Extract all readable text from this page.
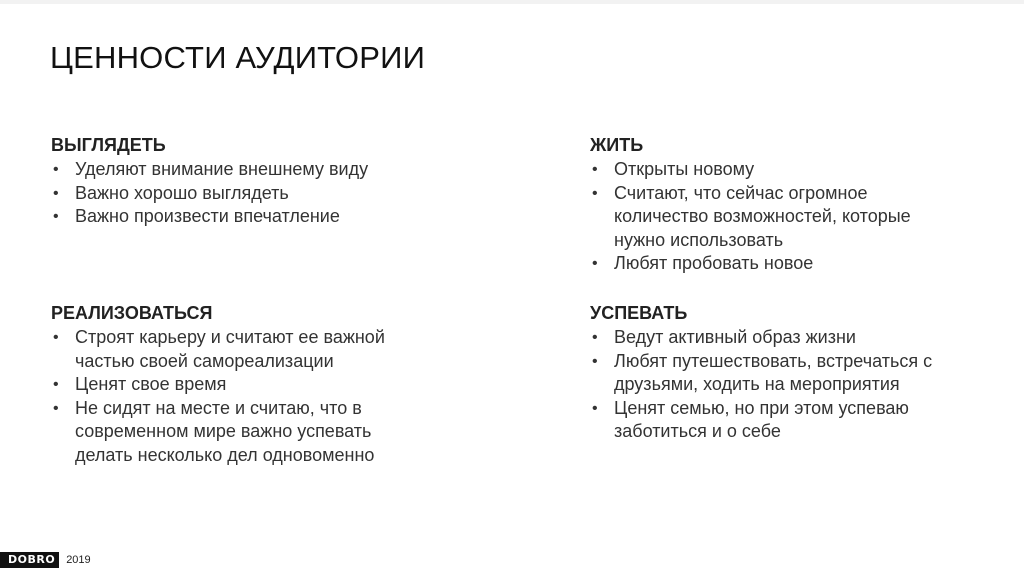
ЦЕННОСТИ АУДИТОРИИ
ВЫГЛЯДЕТЬ
• Уделяют внимание внешнему виду
• Важно хорошо выглядеть
• Важно произвести впечатление
ЖИТЬ
• Открыты новому
• Считают, что сейчас огромное количество возможностей, которые нужно использовать
• Любят пробовать новое
РЕАЛИЗОВАТЬСЯ
• Строят карьеру и считают ее важной частью своей самореализации
• Ценят свое время
• Не сидят на месте и считаю, что в современном мире важно успевать делать несколько дел одновоменно
УСПЕВАТЬ
• Ведут активный образ жизни
• Любят путешествовать, встречаться с друзьями, ходить на мероприятия
• Ценят семью, но при этом успеваю заботиться и о себе
DOBRO	2019
